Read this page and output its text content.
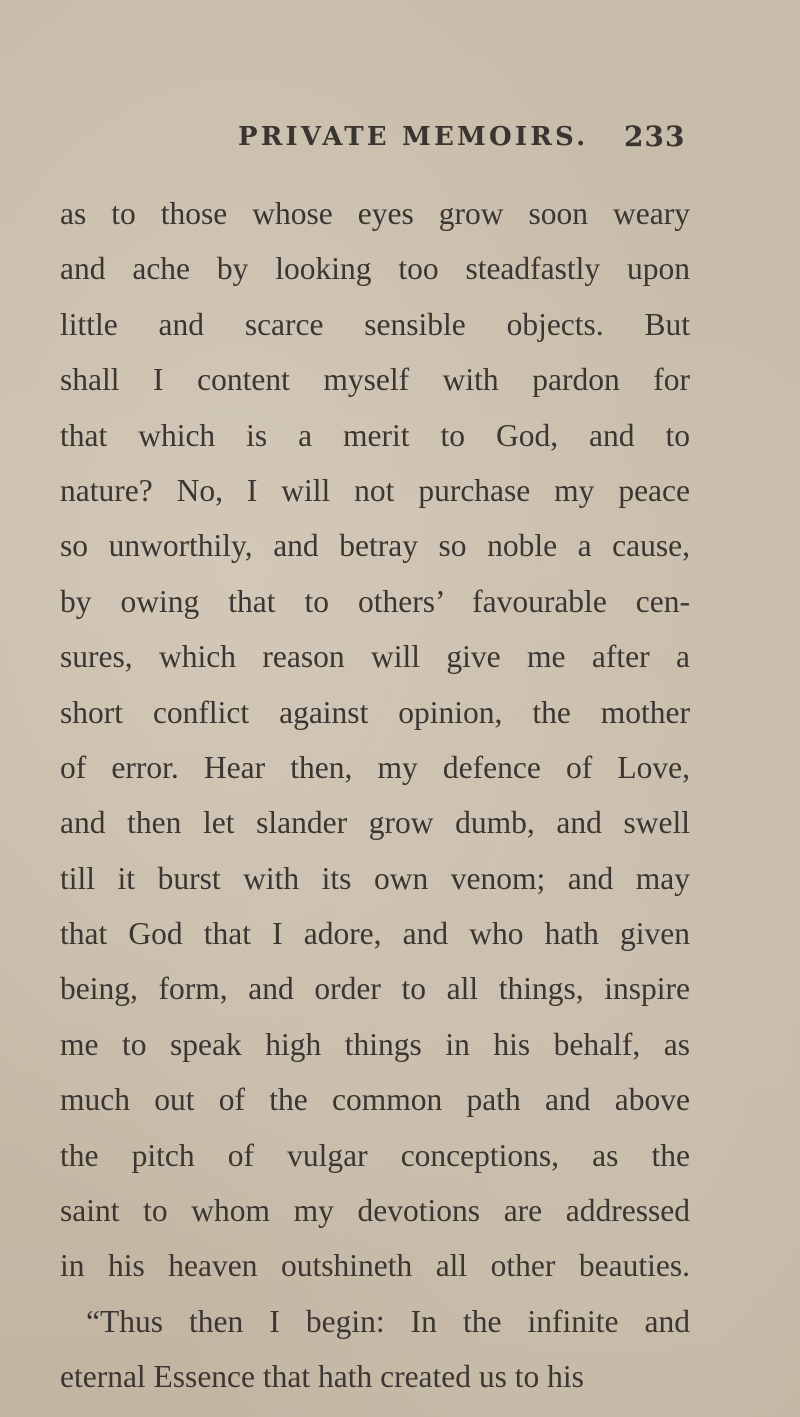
PRIVATE MEMOIRS. 233
as to those whose eyes grow soon weary
and ache by looking too steadfastly upon
little and scarce sensible objects. But
shall I content myself with pardon for
that which is a merit to God, and to
nature? No, I will not purchase my peace
so unworthily, and betray so noble a cause,
by owing that to others’ favourable cen-
sures, which reason will give me after a
short conflict against opinion, the mother
of error. Hear then, my defence of Love,
and then let slander grow dumb, and swell
till it burst with its own venom; and may
that God that I adore, and who hath given
being, form, and order to all things, inspire
me to speak high things in his behalf, as
much out of the common path and above
the pitch of vulgar conceptions, as the
saint to whom my devotions are addressed
in his heaven outshineth all other beauties.
“Thus then I begin: In the infinite and
eternal Essence that hath created us to his
